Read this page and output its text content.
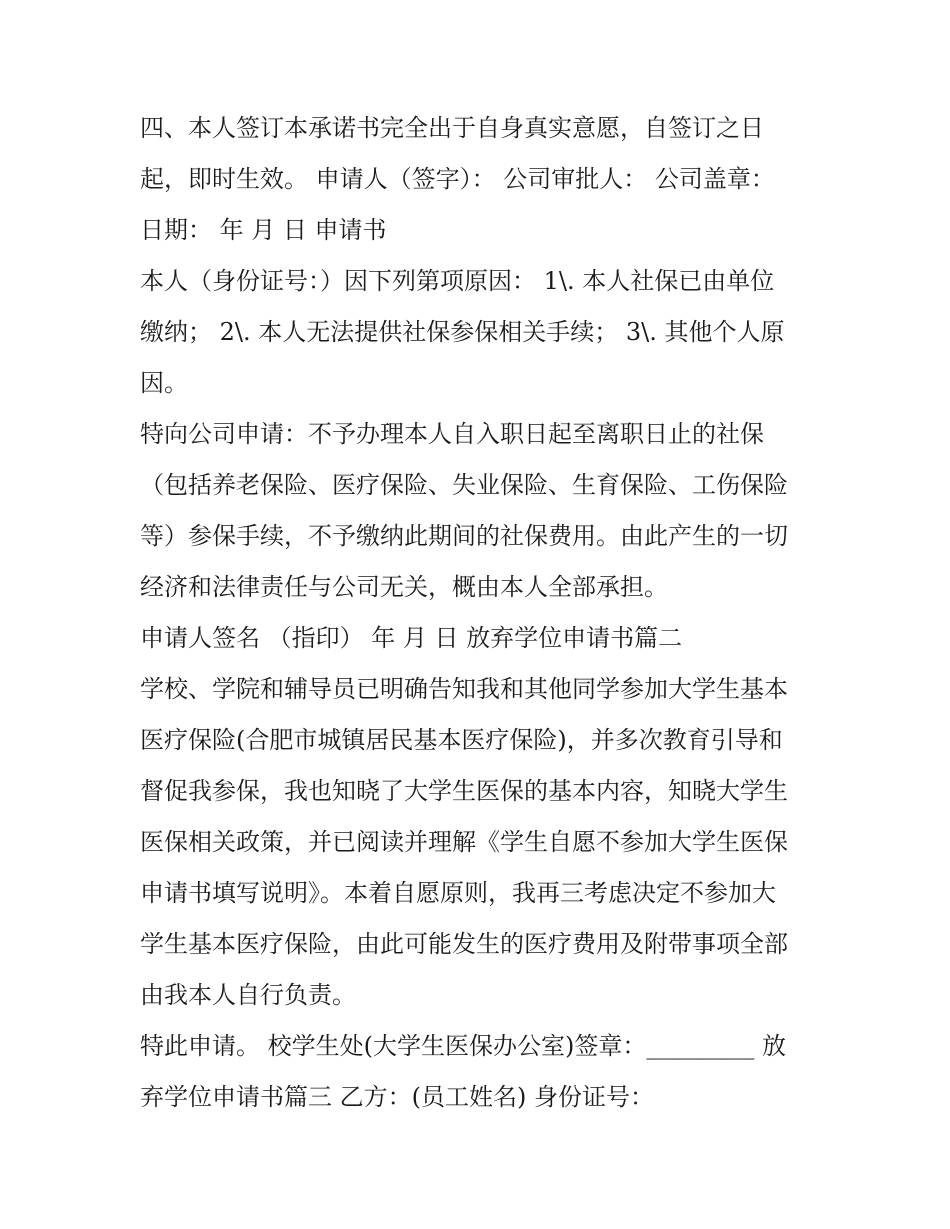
四、本人签订本承诺书完全出于自身真实意愿，自签订之日
起，即时生效。 申请人（签字）： 公司审批人： 公司盖章：
日期： 年 月 日 申请书
本人（身份证号：）因下列第项原因： 1\. 本人社保已由单位
缴纳； 2\. 本人无法提供社保参保相关手续； 3\. 其他个人原
因。
特向公司申请：不予办理本人自入职日起至离职日止的社保
（包括养老保险、医疗保险、失业保险、生育保险、工伤保险
等）参保手续，不予缴纳此期间的社保费用。由此产生的一切
经济和法律责任与公司无关，概由本人全部承担。
申请人签名 （指印） 年 月 日 放弃学位申请书篇二
学校、学院和辅导员已明确告知我和其他同学参加大学生基本
医疗保险(合肥市城镇居民基本医疗保险)，并多次教育引导和
督促我参保，我也知晓了大学生医保的基本内容，知晓大学生
医保相关政策，并已阅读并理解《学生自愿不参加大学生医保
申请书填写说明》。本着自愿原则，我再三考虑决定不参加大
学生基本医疗保险，由此可能发生的医疗费用及附带事项全部
由我本人自行负责。
特此申请。 校学生处(大学生医保办公室)签章：_________ 放
弃学位申请书篇三 乙方：(员工姓名) 身份证号：
